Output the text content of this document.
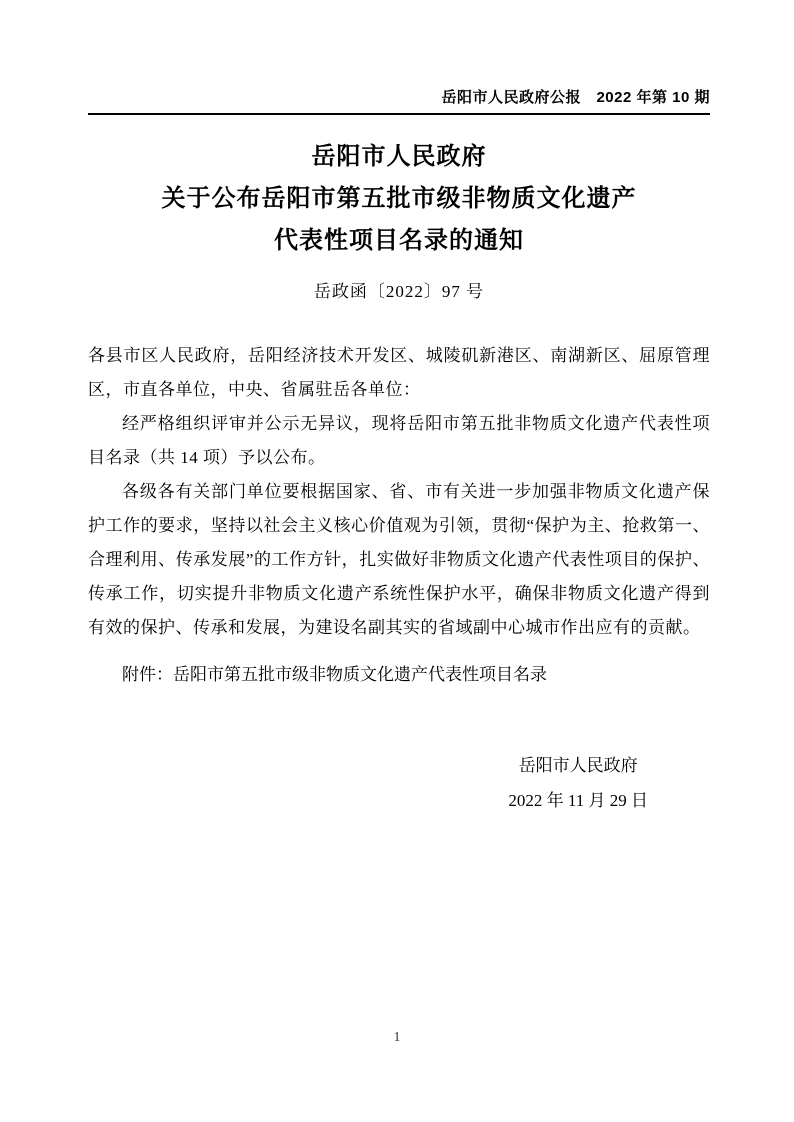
岳阳市人民政府公报　2022 年第 10 期
岳阳市人民政府
关于公布岳阳市第五批市级非物质文化遗产
代表性项目名录的通知
岳政函〔2022〕97 号

各县市区人民政府，岳阳经济技术开发区、城陵矶新港区、南湖新区、屈原管理区，市直各单位，中央、省属驻岳各单位：

经严格组织评审并公示无异议，现将岳阳市第五批非物质文化遗产代表性项目名录（共 14 项）予以公布。

各级各有关部门单位要根据国家、省、市有关进一步加强非物质文化遗产保护工作的要求，坚持以社会主义核心价值观为引领，贯彻“保护为主、抢救第一、合理利用、传承发展”的工作方针，扎实做好非物质文化遗产代表性项目的保护、传承工作，切实提升非物质文化遗产系统性保护水平，确保非物质文化遗产得到有效的保护、传承和发展，为建设名副其实的省域副中心城市作出应有的贡献。

附件：岳阳市第五批市级非物质文化遗产代表性项目名录
岳阳市人民政府
2022 年 11 月 29 日
1
